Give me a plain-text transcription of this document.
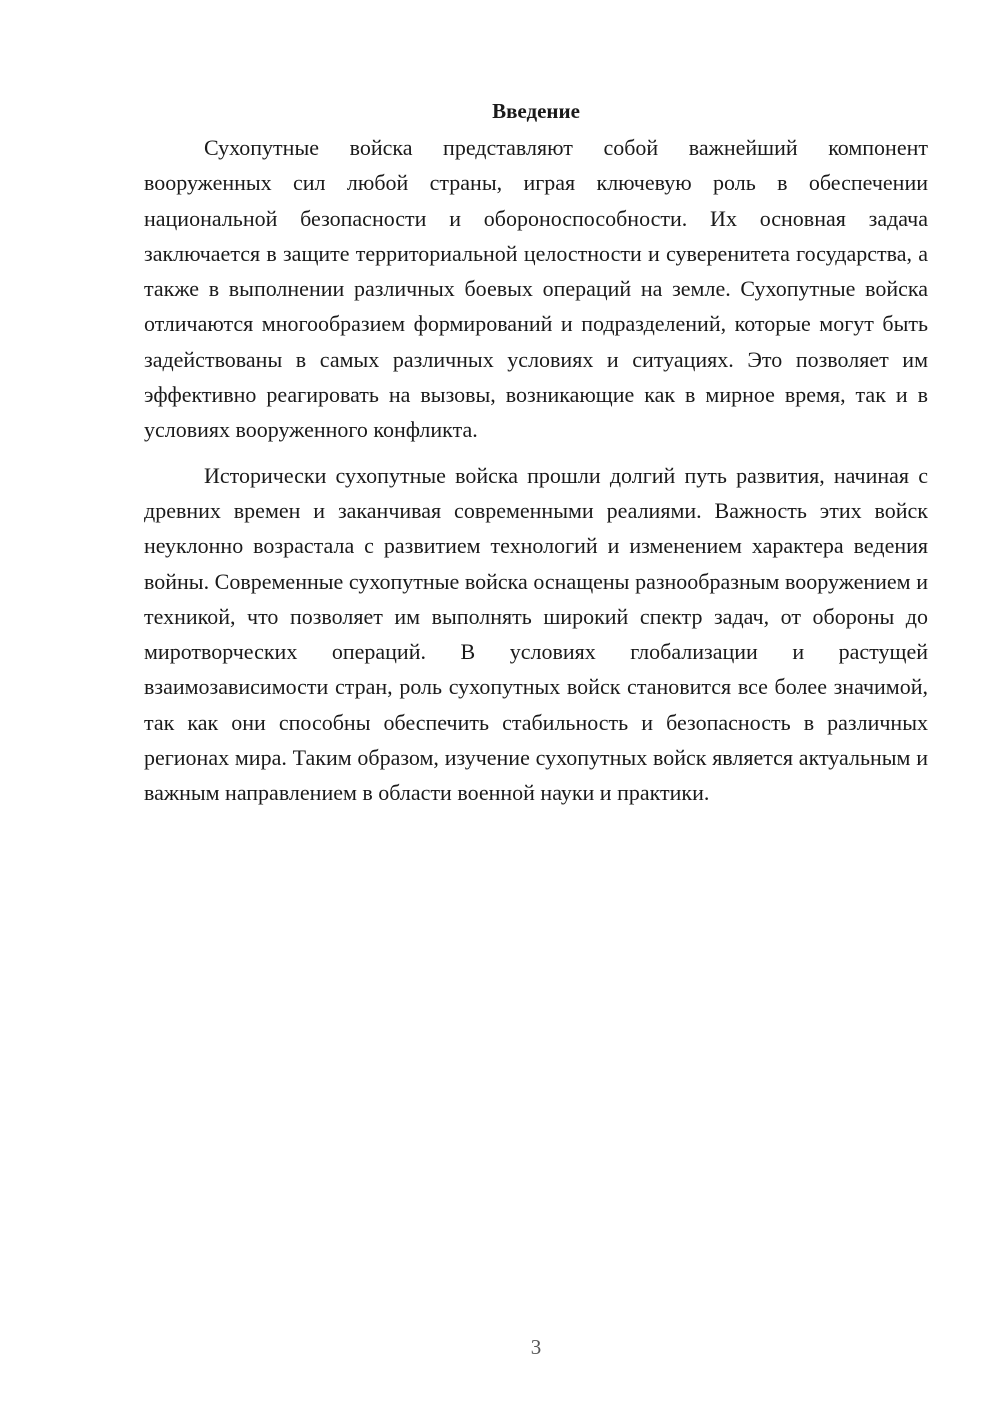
Введение

Сухопутные войска представляют собой важнейший компонент вооруженных сил любой страны, играя ключевую роль в обеспечении национальной безопасности и обороноспособности. Их основная задача заключается в защите территориальной целостности и суверенитета государства, а также в выполнении различных боевых операций на земле. Сухопутные войска отличаются многообразием формирований и подразделений, которые могут быть задействованы в самых различных условиях и ситуациях. Это позволяет им эффективно реагировать на вызовы, возникающие как в мирное время, так и в условиях вооруженного конфликта.

Исторически сухопутные войска прошли долгий путь развития, начиная с древних времен и заканчивая современными реалиями. Важность этих войск неуклонно возрастала с развитием технологий и изменением характера ведения войны. Современные сухопутные войска оснащены разнообразным вооружением и техникой, что позволяет им выполнять широкий спектр задач, от обороны до миротворческих операций. В условиях глобализации и растущей взаимозависимости стран, роль сухопутных войск становится все более значимой, так как они способны обеспечить стабильность и безопасность в различных регионах мира. Таким образом, изучение сухопутных войск является актуальным и важным направлением в области военной науки и практики.

3
